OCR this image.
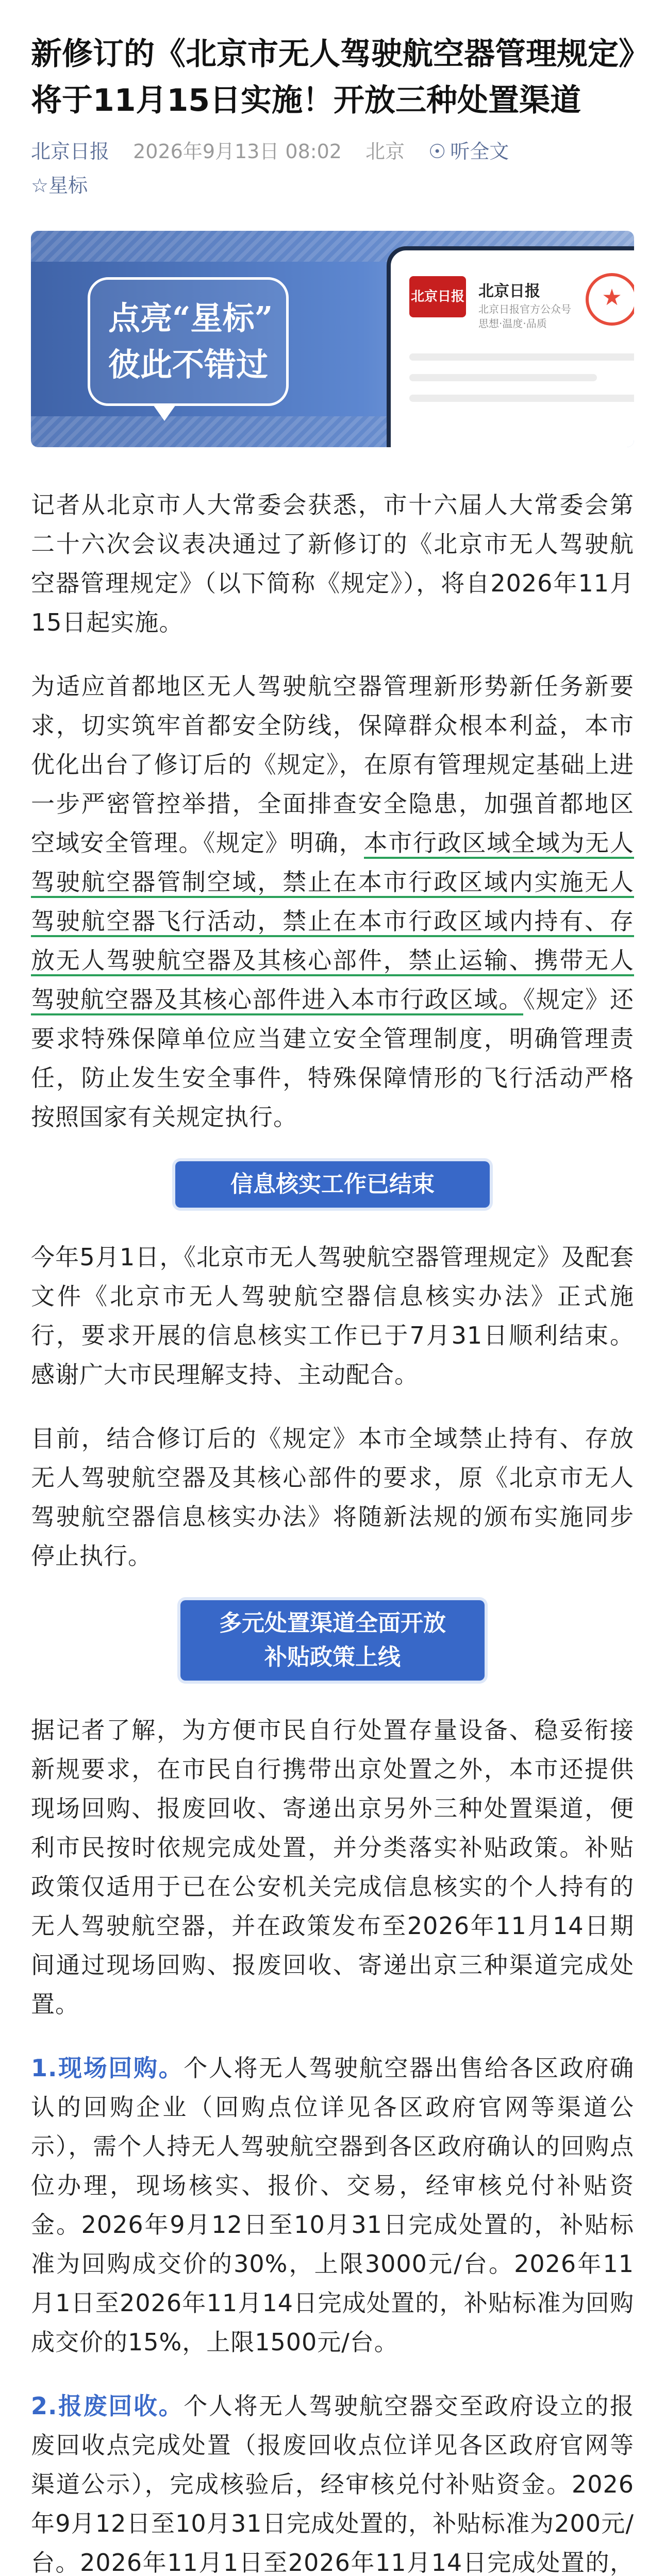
新修订的《北京市无人驾驶航空器管理规定》将于11月15日实施！开放三种处置渠道
北京日报 2026年9月13日 08:02 北京 ☉ 听全文
☆星标
点亮“星标”
彼此不错过
北京日报 北京日报
北京日报官方公众号
思想·温度·品质
★

记者从北京市人大常委会获悉，市十六届人大常委会第二十六次会议表决通过了新修订的《北京市无人驾驶航空器管理规定》（以下简称《规定》），将自2026年11月15日起实施。

为适应首都地区无人驾驶航空器管理新形势新任务新要求，切实筑牢首都安全防线，保障群众根本利益，本市优化出台了修订后的《规定》，在原有管理规定基础上进一步严密管控举措，全面排查安全隐患，加强首都地区空域安全管理。《规定》明确，本市行政区域全域为无人驾驶航空器管制空域，禁止在本市行政区域内实施无人驾驶航空器飞行活动，禁止在本市行政区域内持有、存放无人驾驶航空器及其核心部件，禁止运输、携带无人驾驶航空器及其核心部件进入本市行政区域。《规定》还要求特殊保障单位应当建立安全管理制度，明确管理责任，防止发生安全事件，特殊保障情形的飞行活动严格按照国家有关规定执行。

信息核实工作已结束

今年5月1日，《北京市无人驾驶航空器管理规定》及配套文件《北京市无人驾驶航空器信息核实办法》正式施行，要求开展的信息核实工作已于7月31日顺利结束。感谢广大市民理解支持、主动配合。

目前，结合修订后的《规定》本市全域禁止持有、存放无人驾驶航空器及其核心部件的要求，原《北京市无人驾驶航空器信息核实办法》将随新法规的颁布实施同步停止执行。

多元处置渠道全面开放
补贴政策上线

据记者了解，为方便市民自行处置存量设备、稳妥衔接新规要求，在市民自行携带出京处置之外，本市还提供现场回购、报废回收、寄递出京另外三种处置渠道，便利市民按时依规完成处置，并分类落实补贴政策。补贴政策仅适用于已在公安机关完成信息核实的个人持有的无人驾驶航空器，并在政策发布至2026年11月14日期间通过现场回购、报废回收、寄递出京三种渠道完成处置。

1.现场回购。个人将无人驾驶航空器出售给各区政府确认的回购企业（回购点位详见各区政府官网等渠道公示），需个人持无人驾驶航空器到各区政府确认的回购点位办理，现场核实、报价、交易，经审核兑付补贴资金。2026年9月12日至10月31日完成处置的，补贴标准为回购成交价的30%，上限3000元/台。2026年11月1日至2026年11月14日完成处置的，补贴标准为回购成交价的15%，上限1500元/台。

2.报废回收。个人将无人驾驶航空器交至政府设立的报废回收点完成处置（报废回收点位详见各区政府官网等渠道公示），完成核验后，经审核兑付补贴资金。2026年9月12日至10月31日完成处置的，补贴标准为200元/台。2026年11月1日至2026年11月14日完成处置的，
